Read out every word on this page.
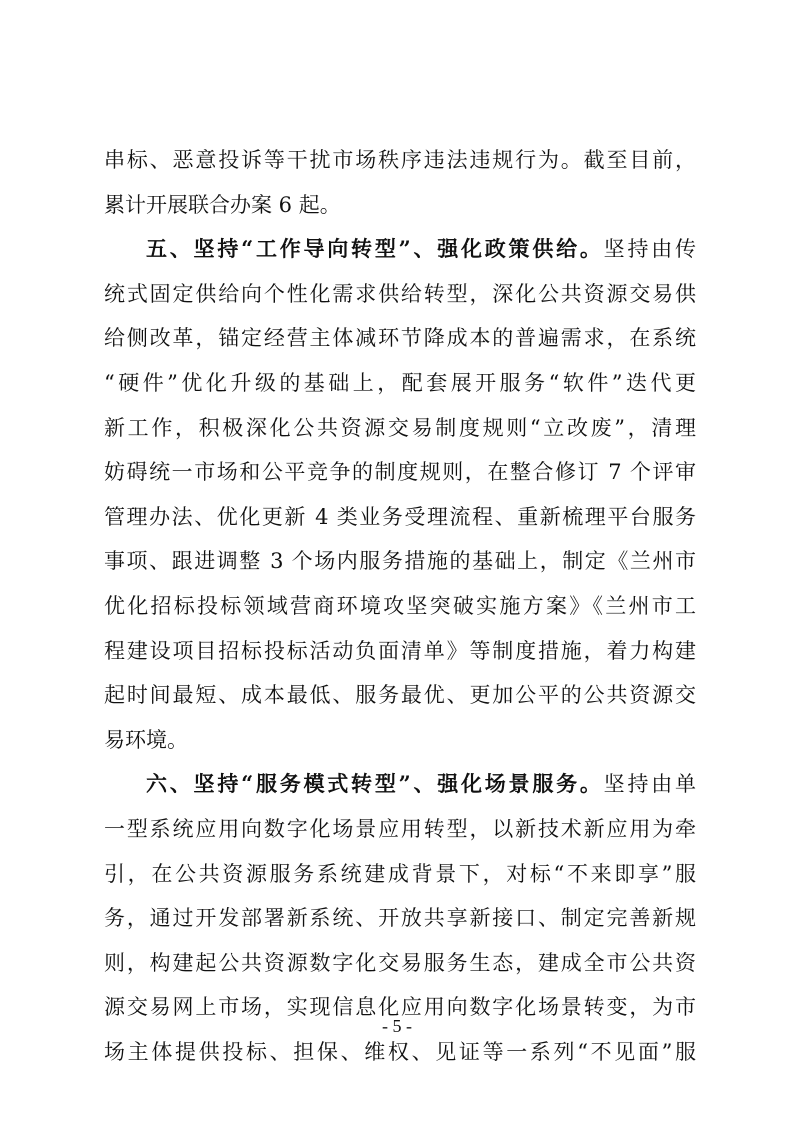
串标、恶意投诉等干扰市场秩序违法违规行为。截至目前，
累计开展联合办案 6 起。
五、坚持“工作导向转型”、强化政策供给。坚持由传
统式固定供给向个性化需求供给转型，深化公共资源交易供
给侧改革，锚定经营主体减环节降成本的普遍需求，在系统
“硬件”优化升级的基础上，配套展开服务“软件”迭代更
新工作，积极深化公共资源交易制度规则“立改废”，清理
妨碍统一市场和公平竞争的制度规则，在整合修订 7 个评审
管理办法、优化更新 4 类业务受理流程、重新梳理平台服务
事项、跟进调整 3 个场内服务措施的基础上，制定《兰州市
优化招标投标领域营商环境攻坚突破实施方案》《兰州市工
程建设项目招标投标活动负面清单》等制度措施，着力构建
起时间最短、成本最低、服务最优、更加公平的公共资源交
易环境。
六、坚持“服务模式转型”、强化场景服务。坚持由单
一型系统应用向数字化场景应用转型，以新技术新应用为牵
引，在公共资源服务系统建成背景下，对标“不来即享”服
务，通过开发部署新系统、开放共享新接口、制定完善新规
则，构建起公共资源数字化交易服务生态，建成全市公共资
源交易网上市场，实现信息化应用向数字化场景转变，为市
场主体提供投标、担保、维权、见证等一系列“不见面”服
- 5 -
